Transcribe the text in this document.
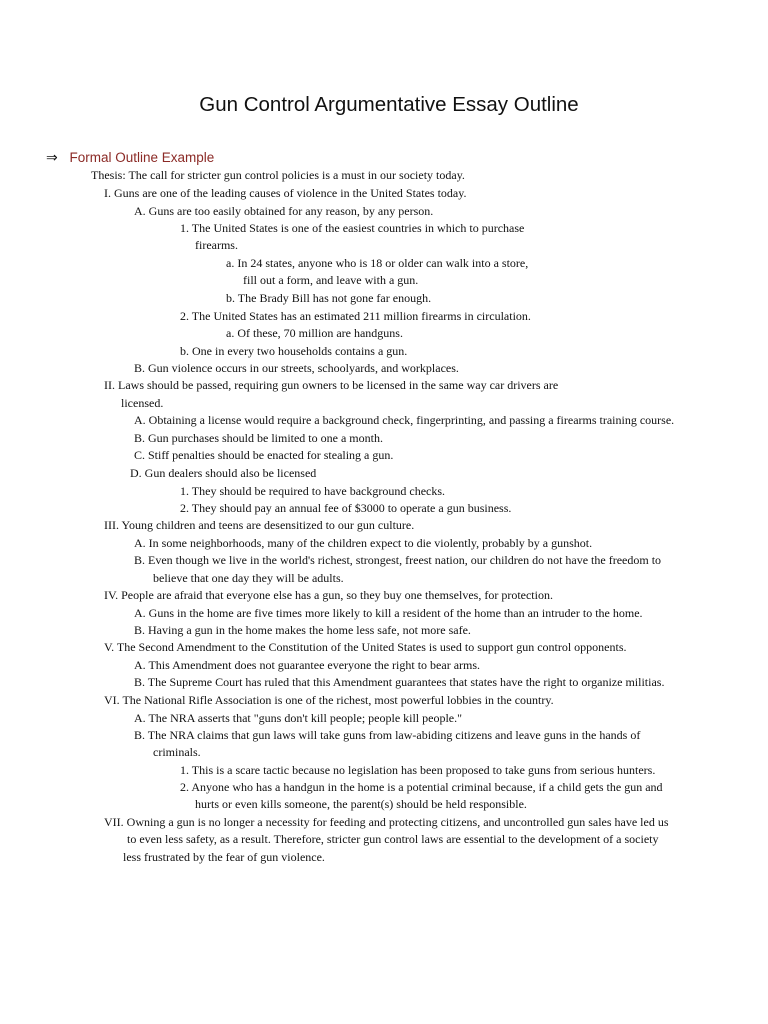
Gun Control Argumentative Essay Outline
⇒ Formal Outline Example
Thesis: The call for stricter gun control policies is a must in our society today.
I. Guns are one of the leading causes of violence in the United States today.
A. Guns are too easily obtained for any reason, by any person.
1. The United States is one of the easiest countries in which to purchase
firearms.
a. In 24 states, anyone who is 18 or older can walk into a store,
fill out a form, and leave with a gun.
b. The Brady Bill has not gone far enough.
2. The United States has an estimated 211 million firearms in circulation.
a. Of these, 70 million are handguns.
b. One in every two households contains a gun.
B. Gun violence occurs in our streets, schoolyards, and workplaces.
II. Laws should be passed, requiring gun owners to be licensed in the same way car drivers are
licensed.
A. Obtaining a license would require a background check, fingerprinting, and passing a firearms training course.
B. Gun purchases should be limited to one a month.
C. Stiff penalties should be enacted for stealing a gun.
D. Gun dealers should also be licensed
1. They should be required to have background checks.
2. They should pay an annual fee of $3000 to operate a gun business.
III. Young children and teens are desensitized to our gun culture.
A. In some neighborhoods, many of the children expect to die violently, probably by a gunshot.
B. Even though we live in the world's richest, strongest, freest nation, our children do not have the freedom to
believe that one day they will be adults.
IV. People are afraid that everyone else has a gun, so they buy one themselves, for protection.
A. Guns in the home are five times more likely to kill a resident of the home than an intruder to the home.
B. Having a gun in the home makes the home less safe, not more safe.
V. The Second Amendment to the Constitution of the United States is used to support gun control opponents.
A. This Amendment does not guarantee everyone the right to bear arms.
B. The Supreme Court has ruled that this Amendment guarantees that states have the right to organize militias.
VI. The National Rifle Association is one of the richest, most powerful lobbies in the country.
A. The NRA asserts that "guns don't kill people; people kill people."
B. The NRA claims that gun laws will take guns from law-abiding citizens and leave guns in the hands of
criminals.
1. This is a scare tactic because no legislation has been proposed to take guns from serious hunters.
2. Anyone who has a handgun in the home is a potential criminal because, if a child gets the gun and
hurts or even kills someone, the parent(s) should be held responsible.
VII. Owning a gun is no longer a necessity for feeding and protecting citizens, and uncontrolled gun sales have led us
to even less safety, as a result. Therefore, stricter gun control laws are essential to the development of a society
less frustrated by the fear of gun violence.
